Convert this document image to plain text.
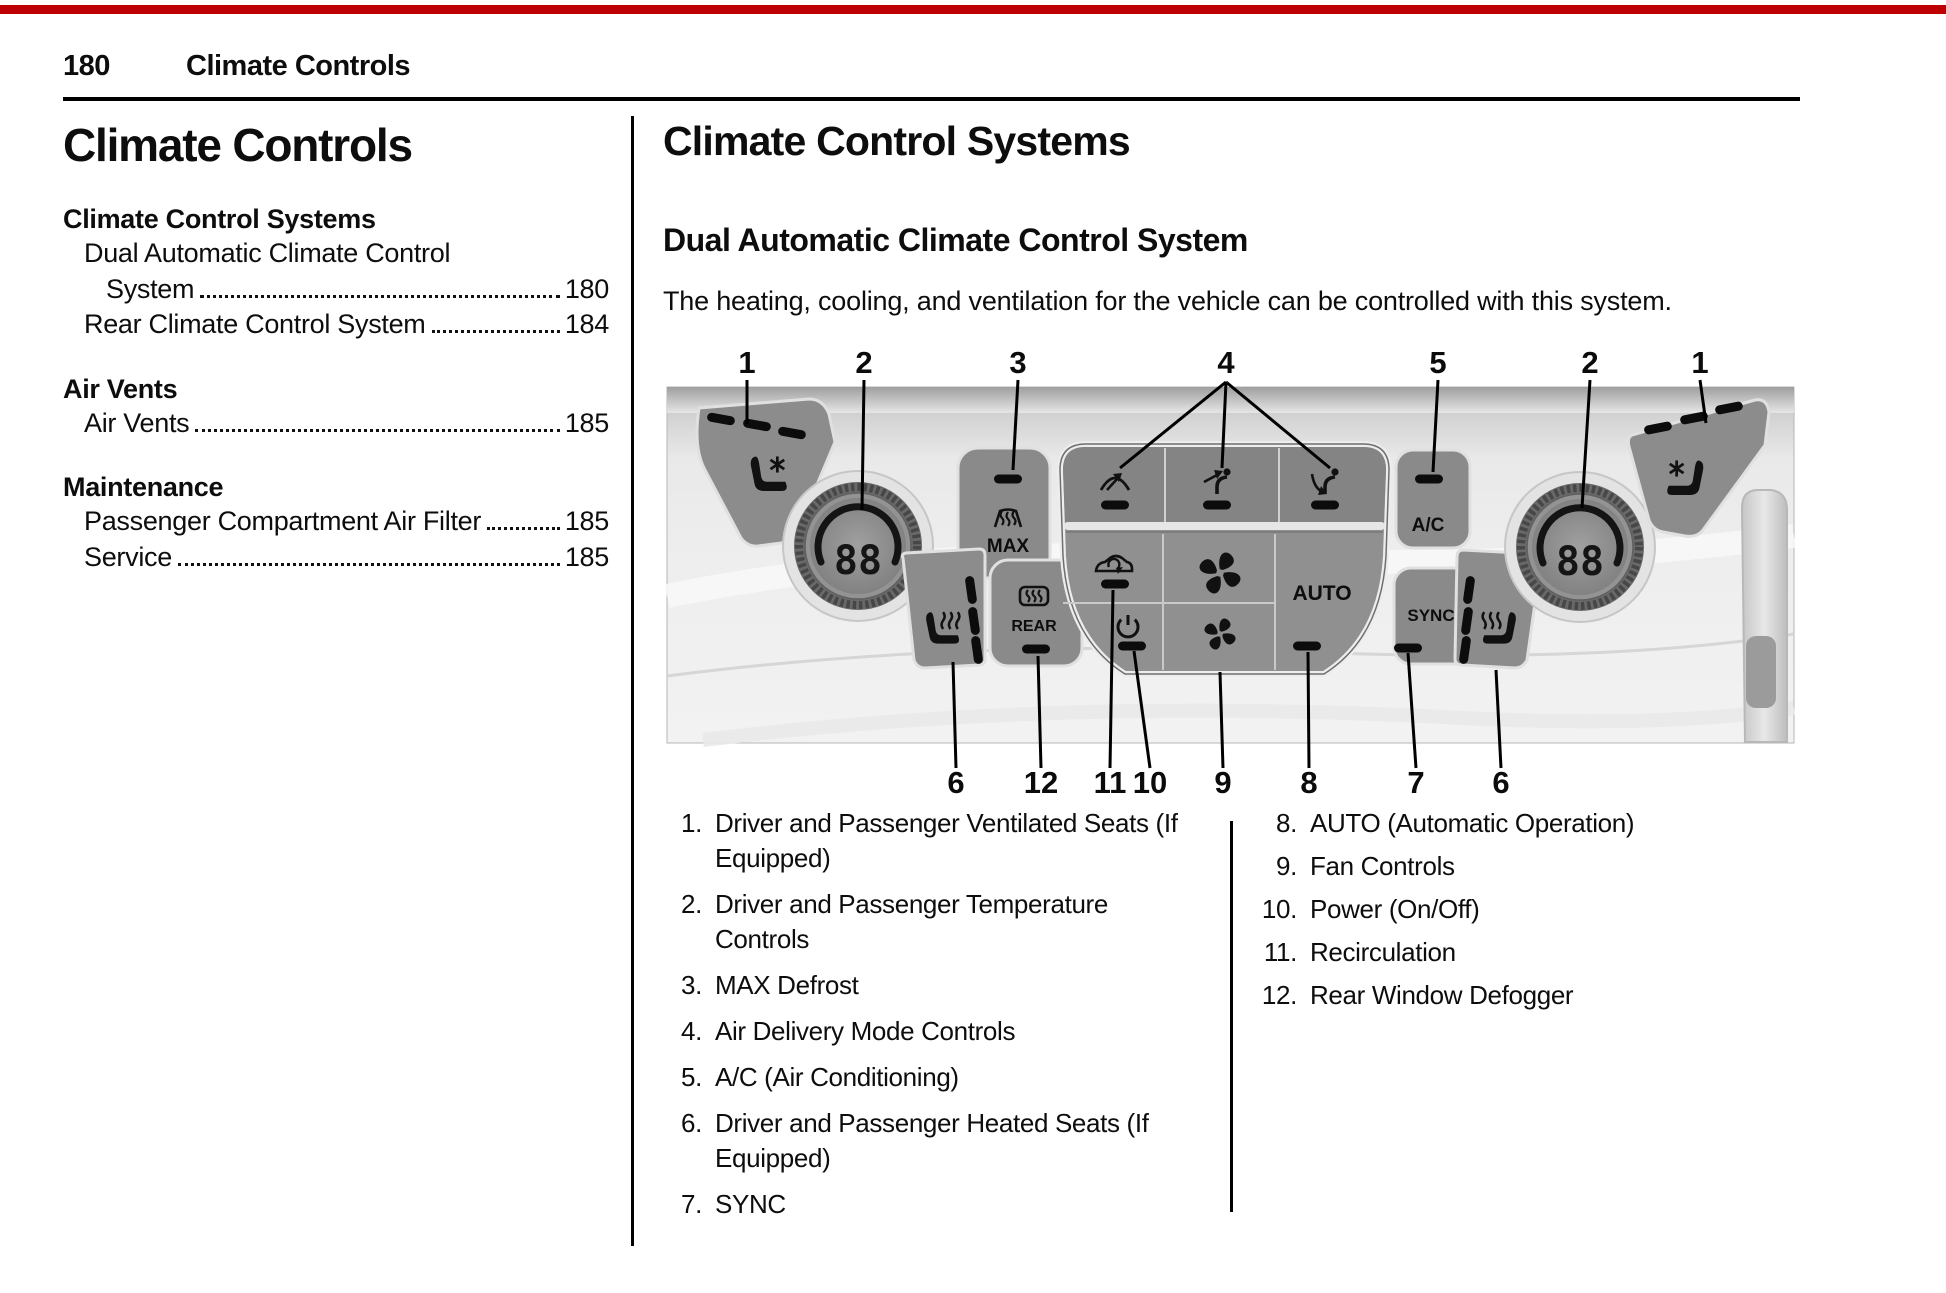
180	Climate Controls
Climate Controls
Climate Control Systems
Dual Automatic Climate Control
System	180
Rear Climate Control System	184
Air Vents
Air Vents	185
Maintenance
Passenger Compartment Air Filter	185
Service	185
Climate Control Systems
Dual Automatic Climate Control System
The heating, cooling, and ventilation for the vehicle can be controlled with this system.
88	MAX
REAR
AUTO
A/C
SYNC
88
1	2	3	4	5	2	1
6 12 11 10 9 8	7 6
1. Driver and Passenger Ventilated Seats (If
Equipped)
2. Driver and Passenger Temperature
Controls
3. MAX Defrost
4. Air Delivery Mode Controls
5. A/C (Air Conditioning)
6. Driver and Passenger Heated Seats (If
Equipped)
7. SYNC
8. AUTO (Automatic Operation)
9. Fan Controls
10. Power (On/Off)
11. Recirculation
12. Rear Window Defogger
